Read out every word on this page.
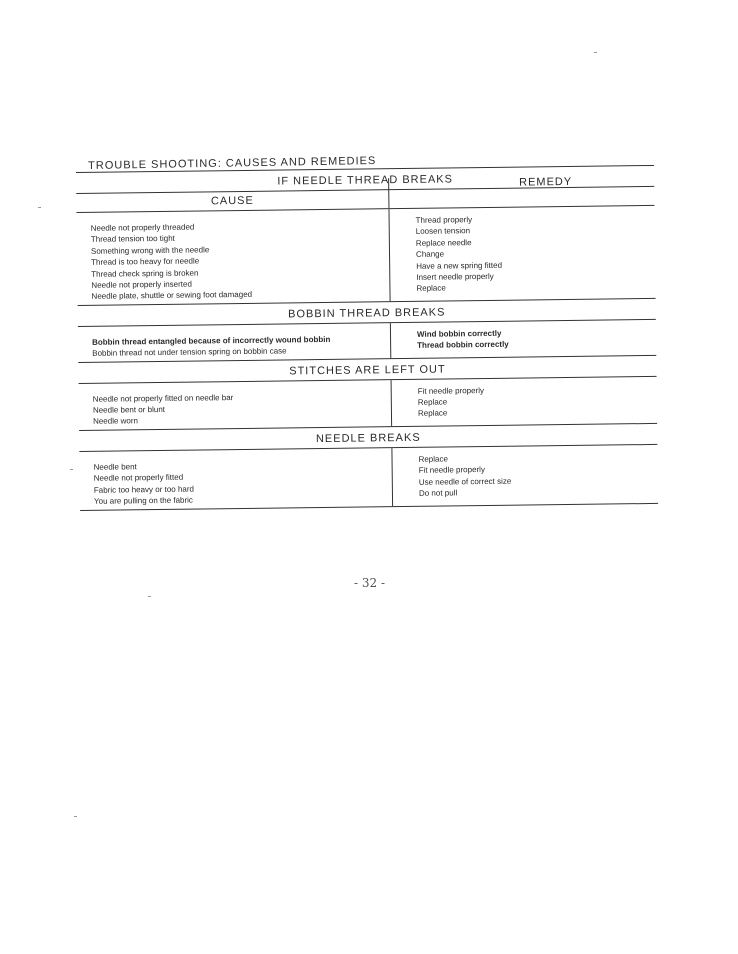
TROUBLE SHOOTING: CAUSES AND REMEDIES
IF NEEDLE THREAD BREAKS
CAUSE
REMEDY
Needle not properly threaded
Thread tension too tight
Something wrong with the needle
Thread is too heavy for needle
Thread check spring is broken
Needle not properly inserted
Needle plate, shuttle or sewing foot damaged
Thread properly
Loosen tension
Replace needle
Change
Have a new spring fitted
Insert needle properly
Replace
BOBBIN THREAD BREAKS
Bobbin thread entangled because of incorrectly wound bobbin
Bobbin thread not under tension spring on bobbin case
Wind bobbin correctly
Thread bobbin correctly
STITCHES ARE LEFT OUT
Needle not properly fitted on needle bar
Needle bent or blunt
Needle worn
Fit needle properly
Replace
Replace
NEEDLE BREAKS
Needle bent
Needle not properly fitted
Fabric too heavy or too hard
You are pulling on the fabric
Replace
Fit needle properly
Use needle of correct size
Do not pull
- 32 -
